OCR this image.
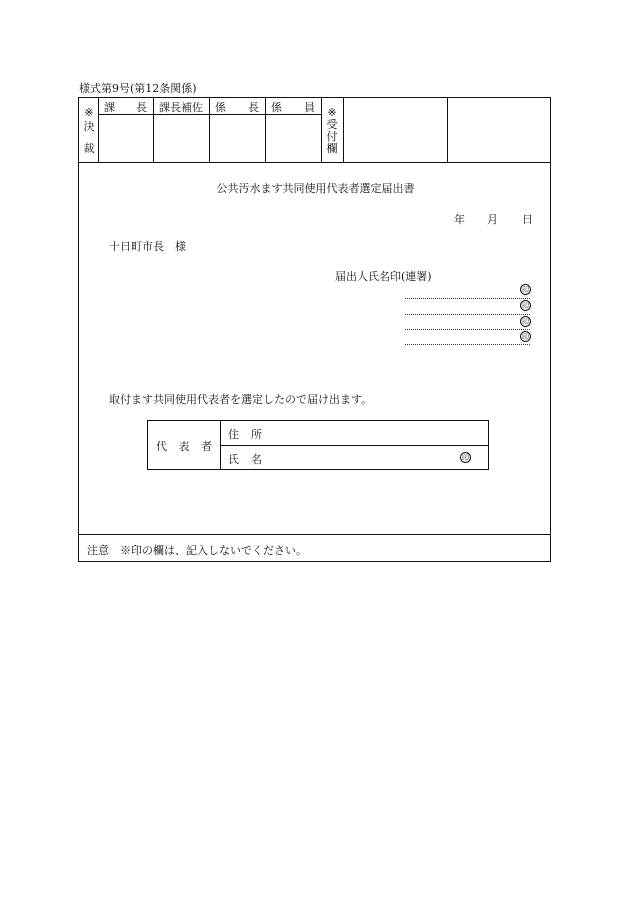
様式第9号(第12条関係)
※
決
裁
課 長 課長補佐 係 長 係 員 ※
受
付
欄
公共汚水ます共同使用代表者選定届出書
年 月 日
十日町市長　様
届出人氏名印(連署)
印
印
印
印
取付ます共同使用代表者を選定したので届け出ます。
代 表 者
住 所
氏 名	印
注意　※印の欄は、記入しないでください。
